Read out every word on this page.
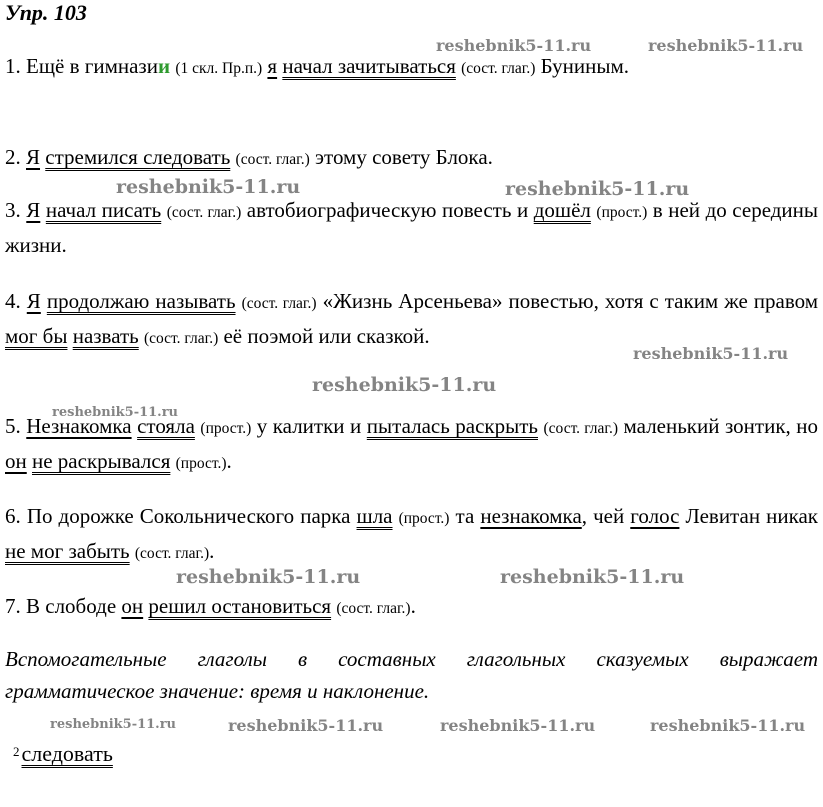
Упр. 103

1. Ещё в гимназии (1 скл. Пр.п.) я начал зачитываться (сост. глаг.) Буниным.

2. Я стремился следовать (сост. глаг.) этому совету Блока.

3. Я начал писать (сост. глаг.) автобиографическую повесть и дошёл (прост.) в ней до середины жизни.

4. Я продолжаю называть (сост. глаг.) «Жизнь Арсеньева» повестью, хотя с таким же правом мог бы назвать (сост. глаг.) её поэмой или сказкой.

5. Незнакомка стояла (прост.) у калитки и пыталась раскрыть (сост. глаг.) маленький зонтик, но он не раскрывался (прост.).

6. По дорожке Сокольнического парка шла (прост.) та незнакомка, чей голос Левитан никак не мог забыть (сост. глаг.).

7. В слободе он решил остановиться (сост. глаг.).

Вспомогательные глаголы в составных глагольных сказуемых выражает грамматическое значение: время и наклонение.

$^2$следовать
reshebnik5-11.ru	reshebnik5-11.ru
reshebnik5-11.ru	reshebnik5-11.ru
reshebnik5-11.ru
reshebnik5-11.ru
reshebnik5-11.ru
reshebnik5-11.ru	reshebnik5-11.ru
reshebnik5-11.ru	reshebnik5-11.ru	reshebnik5-11.ru	reshebnik5-11.ru
